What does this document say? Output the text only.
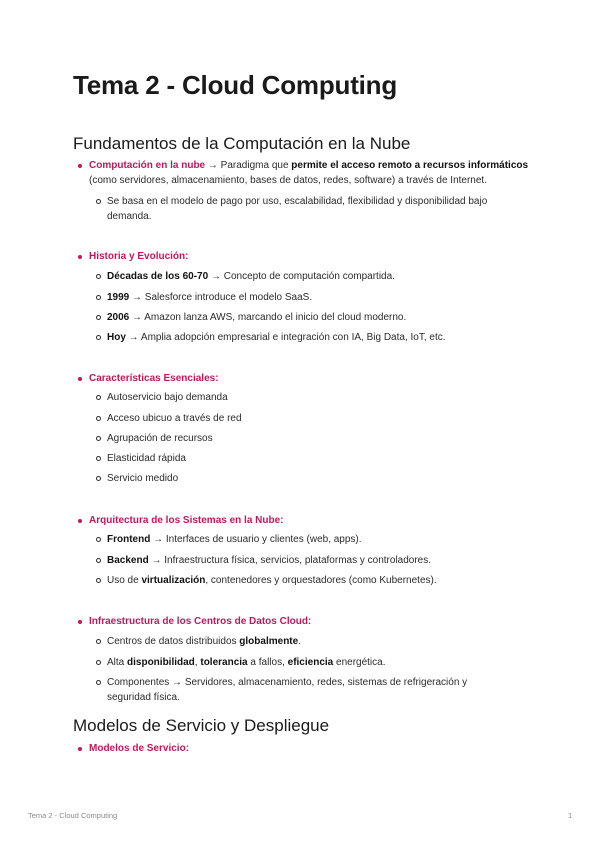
Tema 2 - Cloud Computing
Fundamentos de la Computación en la Nube
Computación en la nube → Paradigma que permite el acceso remoto a recursos informáticos
(como servidores, almacenamiento, bases de datos, redes, software) a través de Internet.
Se basa en el modelo de pago por uso, escalabilidad, flexibilidad y disponibilidad bajo demanda.
Historia y Evolución:
Décadas de los 60-70 → Concepto de computación compartida.
1999 → Salesforce introduce el modelo SaaS.
2006 → Amazon lanza AWS, marcando el inicio del cloud moderno.
Hoy → Amplia adopción empresarial e integración con IA, Big Data, IoT, etc.
Características Esenciales:
Autoservicio bajo demanda
Acceso ubicuo a través de red
Agrupación de recursos
Elasticidad rápida
Servicio medido
Arquitectura de los Sistemas en la Nube:
Frontend → Interfaces de usuario y clientes (web, apps).
Backend → Infraestructura física, servicios, plataformas y controladores.
Uso de virtualización, contenedores y orquestadores (como Kubernetes).
Infraestructura de los Centros de Datos Cloud:
Centros de datos distribuidos globalmente.
Alta disponibilidad, tolerancia a fallos, eficiencia energética.
Componentes → Servidores, almacenamiento, redes, sistemas de refrigeración y seguridad física.
Modelos de Servicio y Despliegue
Modelos de Servicio:
Tema 2 - Cloud Computing	1
